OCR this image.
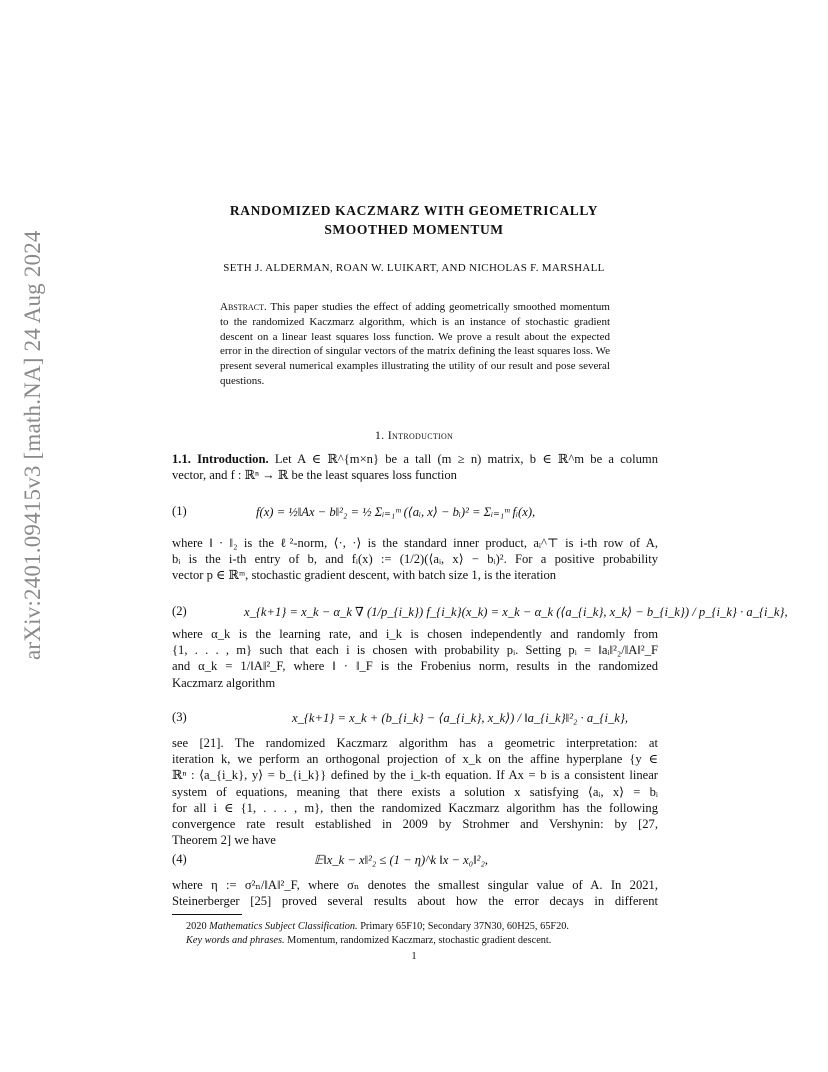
arXiv:2401.09415v3 [math.NA] 24 Aug 2024
RANDOMIZED KACZMARZ WITH GEOMETRICALLY
SMOOTHED MOMENTUM
SETH J. ALDERMAN, ROAN W. LUIKART, AND NICHOLAS F. MARSHALL
Abstract. This paper studies the effect of adding geometrically smoothed momentum to the randomized Kaczmarz algorithm, which is an instance of stochastic gradient descent on a linear least squares loss function. We prove a result about the expected error in the direction of singular vectors of the matrix defining the least squares loss. We present several numerical examples illustrating the utility of our result and pose several questions.
1. Introduction
1.1. Introduction. Let A ∈ ℝ^{m×n} be a tall (m ≥ n) matrix, b ∈ ℝ^m be a column
vector, and f : ℝⁿ → ℝ be the least squares loss function
(1)	f(x) = ½‖Ax − b‖²₂ = ½ Σᵢ₌₁ᵐ (⟨aᵢ, x⟩ − bᵢ)² = Σᵢ₌₁ᵐ fᵢ(x),
where ‖ · ‖₂ is the ℓ²-norm, ⟨·, ·⟩ is the standard inner product, aᵢ^⊤ is i-th row of A,
bᵢ is the i-th entry of b, and fᵢ(x) := (1/2)(⟨aᵢ, x⟩ − bᵢ)². For a positive probability
vector p ∈ ℝᵐ, stochastic gradient descent, with batch size 1, is the iteration
(2)	x_{k+1} = x_k − α_k ∇ (1/p_{i_k}) f_{i_k}(x_k) = x_k − α_k (⟨a_{i_k}, x_k⟩ − b_{i_k}) / p_{i_k} · a_{i_k},
where α_k is the learning rate, and i_k is chosen independently and randomly from
{1, . . . , m} such that each i is chosen with probability pᵢ. Setting pᵢ = ‖aᵢ‖²₂/‖A‖²_F
and α_k = 1/‖A‖²_F, where ‖ · ‖_F is the Frobenius norm, results in the randomized
Kaczmarz algorithm
(3)	x_{k+1} = x_k + (b_{i_k} − ⟨a_{i_k}, x_k⟩) / ‖a_{i_k}‖²₂ · a_{i_k},
see [21]. The randomized Kaczmarz algorithm has a geometric interpretation: at
iteration k, we perform an orthogonal projection of x_k on the affine hyperplane {y ∈
ℝⁿ : ⟨a_{i_k}, y⟩ = b_{i_k}} defined by the i_k-th equation. If Ax = b is a consistent linear
system of equations, meaning that there exists a solution x satisfying ⟨aᵢ, x⟩ = bᵢ
for all i ∈ {1, . . . , m}, then the randomized Kaczmarz algorithm has the following
convergence rate result established in 2009 by Strohmer and Vershynin: by [27,
Theorem 2] we have
(4)	𝔼‖x_k − x‖²₂ ≤ (1 − η)^k ‖x − x₀‖²₂,
where η := σ²ₙ/‖A‖²_F, where σₙ denotes the smallest singular value of A. In 2021,
Steinerberger [25] proved several results about how the error decays in different
2020 Mathematics Subject Classification. Primary 65F10; Secondary 37N30, 60H25, 65F20.
Key words and phrases. Momentum, randomized Kaczmarz, stochastic gradient descent.
1
